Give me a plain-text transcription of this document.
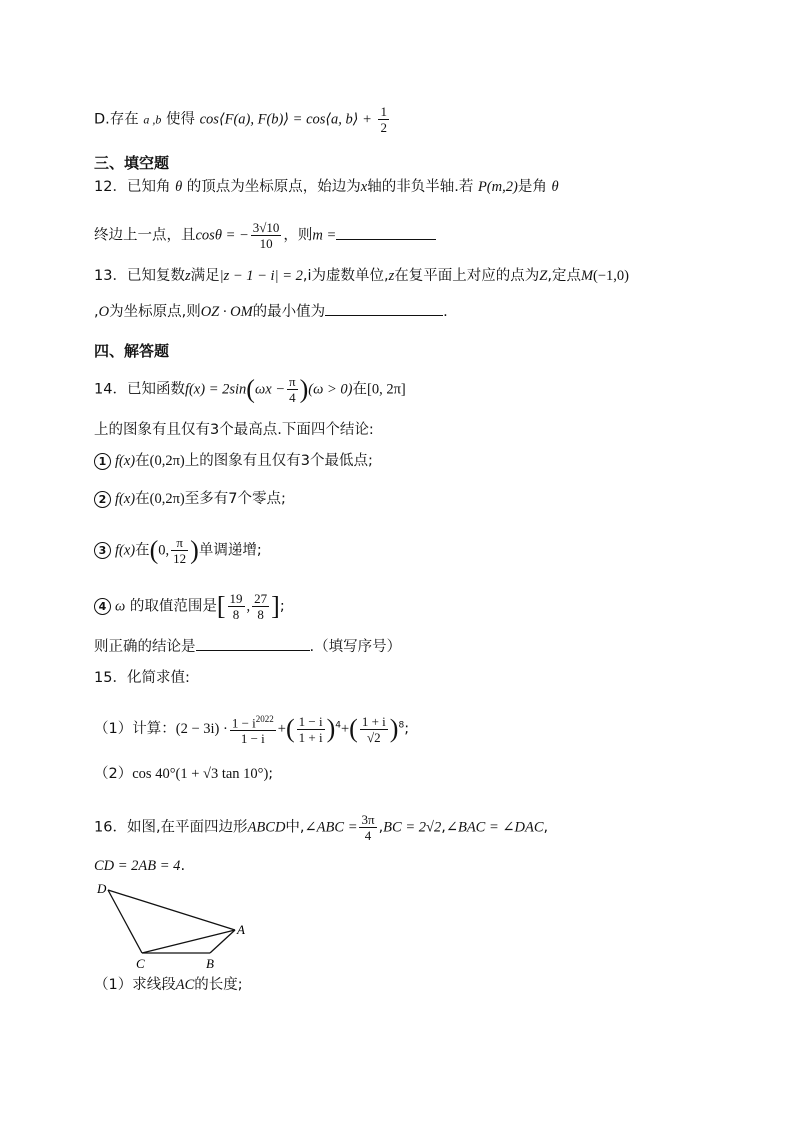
D.存在 a ,b 使得 cos⟨F(a), F(b)⟩ = cos⟨a, b⟩ + $\frac{1}{2}$
三、填空题
12．已知角 θ 的顶点为坐标原点，始边为x轴的非负半轴.若 P(m,2)是角 θ
终边上一点，且cosθ = − $\frac{3√10}{10}$ ，则m =
13．已知复数z满足|z − 1 − i| = 2,i为虚数单位,z在复平面上对应的点为Z,定点M(−1,0)
,O为坐标原点,则OZ · OM的最小值为	.
四、解答题
14．已知函数$f(x) = 2\sin(\omega x - \frac{\pi}{4} )(\omega > 0)$在[0, 2π]
上的图象有且仅有3个最高点.下面四个结论:
1 f(x)在(0,2π)上的图象有且仅有3个最低点;
2 f(x)在(0,2π)至多有7个零点;
3 f(x)在(0, $\frac{\pi}{12}$ )单调递增;
4 ω 的取值范围是[ $\frac{19}{8}$ , $\frac{27}{8}$ ];
则正确的结论是	.（填写序号）
15．化简求值:
（1）计算：$(2 - 3i) \cdot \frac{1 - i^{2022}}{1 - i}$ +( $\frac{1 - i}{1 + i} )^4+( \frac{1 + i}{√2} )^8$;
（2）cos 40°(1 + √3 tan 10°);
16．如图,在平面四边形ABCD中,∠ABC = $\frac{3\pi}{4} ,BC$ = 2√2,∠BAC = ∠DAC,
CD = 2AB = 4.
D
A
C	B
（1）求线段AC的长度;
